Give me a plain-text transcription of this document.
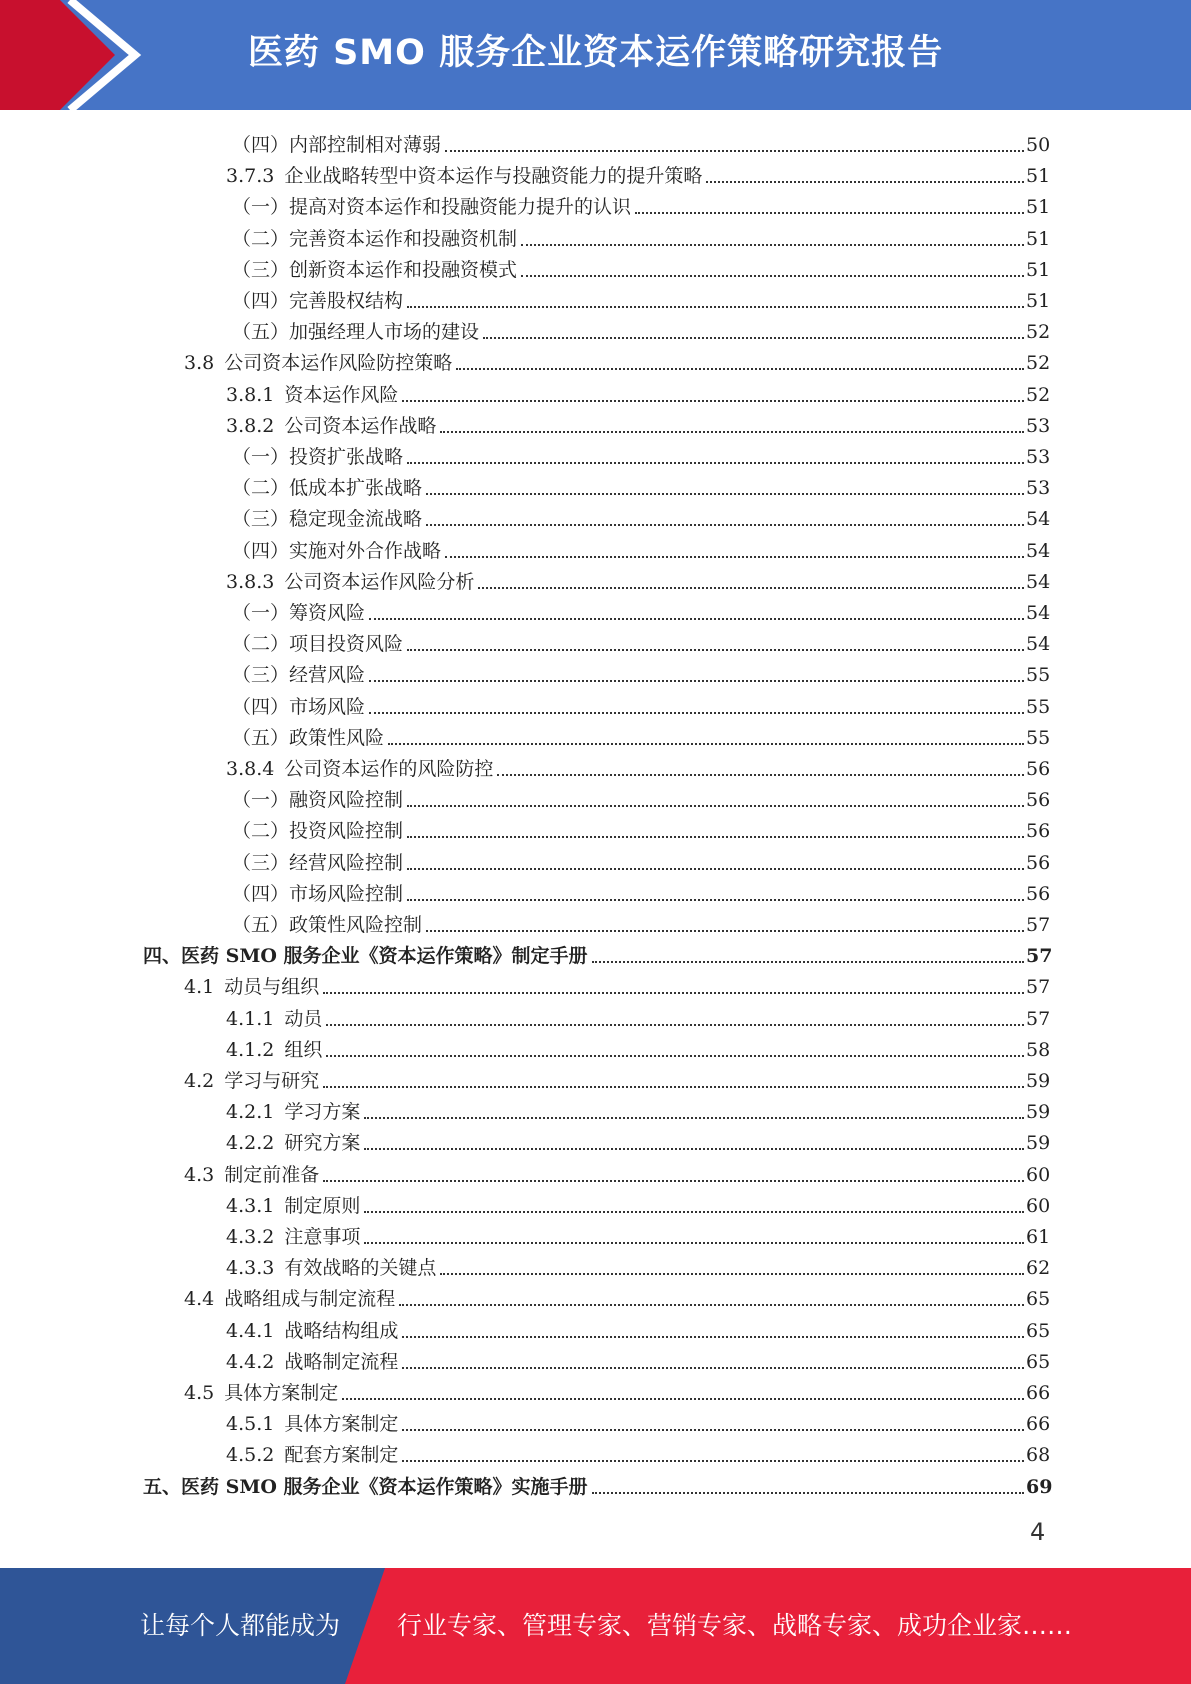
医药 SMO 服务企业资本运作策略研究报告
（四） 内部控制相对薄弱	50
3.7.3 企业战略转型中资本运作与投融资能力的提升策略	51
（一） 提高对资本运作和投融资能力提升的认识	51
（二） 完善资本运作和投融资机制	51
（三） 创新资本运作和投融资模式	51
（四） 完善股权结构	51
（五） 加强经理人市场的建设	52
3.8 公司资本运作风险防控策略	52
3.8.1 资本运作风险	52
3.8.2 公司资本运作战略	53
（一） 投资扩张战略	53
（二） 低成本扩张战略	53
（三） 稳定现金流战略	54
（四） 实施对外合作战略	54
3.8.3 公司资本运作风险分析	54
（一） 筹资风险	54
（二） 项目投资风险	54
（三） 经营风险	55
（四） 市场风险	55
（五） 政策性风险	55
3.8.4 公司资本运作的风险防控	56
（一） 融资风险控制	56
（二） 投资风险控制	56
（三） 经营风险控制	56
（四） 市场风险控制	56
（五） 政策性风险控制	57
四、 医药 SMO 服务企业《资本运作策略》制定手册	57
4.1 动员与组织	57
4.1.1 动员	57
4.1.2 组织	58
4.2 学习与研究	59
4.2.1 学习方案	59
4.2.2 研究方案	59
4.3 制定前准备	60
4.3.1 制定原则	60
4.3.2 注意事项	61
4.3.3 有效战略的关键点	62
4.4 战略组成与制定流程	65
4.4.1 战略结构组成	65
4.4.2 战略制定流程	65
4.5 具体方案制定	66
4.5.1 具体方案制定	66
4.5.2 配套方案制定	68
五、 医药 SMO 服务企业《资本运作策略》实施手册	69
4
让每个人都能成为 行业专家、管理专家、营销专家、战略专家、成功企业家……
